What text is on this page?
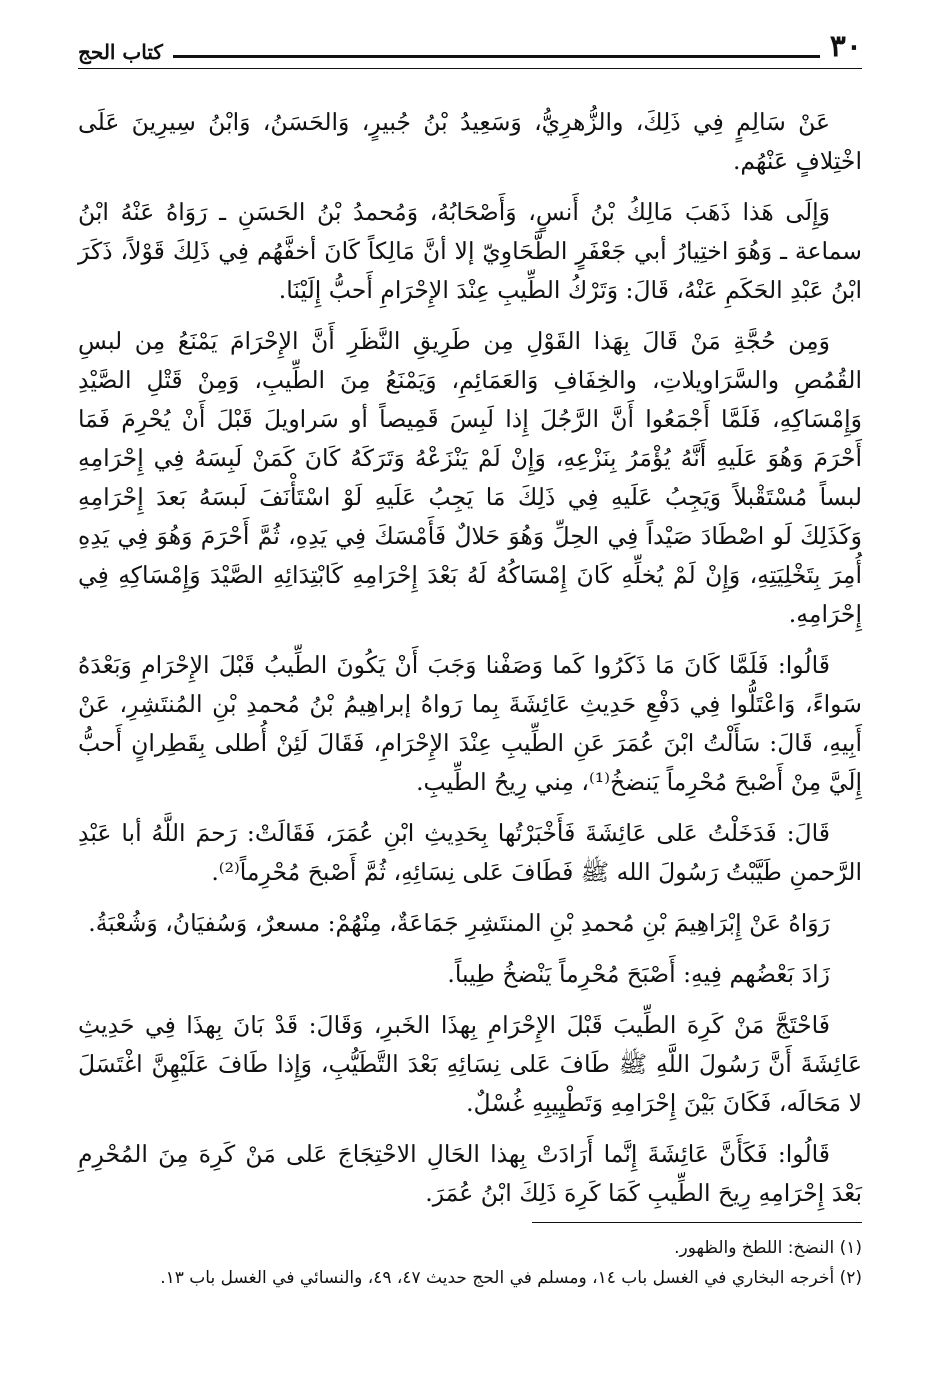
٣٠
كتاب الحج

عَنْ سَالِمٍ فِي ذَلِكَ، والزُّهرِيُّ، وَسَعِيدُ بْنُ جُبيرٍ، وَالحَسَنُ، وَابْنُ سِيرِينَ عَلَى اخْتِلافٍ عَنْهُم.

وَإِلَى هَذا ذَهَبَ مَالِكُ بْنُ أَنسٍ، وَأَصْحَابُهُ، وَمُحمدُ بْنُ الحَسَنِ ـ رَوَاهُ عَنْهُ ابْنُ سماعة ـ وَهُوَ اختِيارُ أبي جَعْفَرٍ الطَّحَاوِيّ إلا أنَّ مَالِكاً كَانَ أخفَّهُم فِي ذَلِكَ قَوْلاً، ذَكَرَ ابْنُ عَبْدِ الحَكَمِ عَنْهُ، قَالَ: وَتَرْكُ الطِّيبِ عِنْدَ الإِحْرَامِ أَحبُّ إِلَيْنَا.

وَمِن حُجَّةِ مَنْ قَالَ بِهَذا القَوْلِ مِن طَرِيقِ النَّظَرِ أَنَّ الإِحْرَامَ يَمْنَعُ مِن لبسِ القُمُصِ والسَّرَاويلاتِ، والخِفَافِ وَالعَمَائِمِ، وَيَمْنَعُ مِنَ الطِّيبِ، وَمِنْ قَتْلِ الصَّيْدِ وَإِمْسَاكِهِ، فَلَمَّا أَجْمَعُوا أَنَّ الرَّجُلَ إِذا لَبِسَ قَمِيصاً أو سَراويلَ قَبْلَ أَنْ يُحْرِمَ فَمَا أَحْرَمَ وَهُوَ عَلَيهِ أَنَّهُ يُؤْمَرُ بِنَزْعِهِ، وَإِنْ لَمْ يَنْزَعْهُ وَتَرَكَهُ كَانَ كَمَنْ لَبِسَهُ فِي إِحْرَامِهِ لبساً مُسْتَقْبلاً وَيَجِبُ عَلَيهِ فِي ذَلِكَ مَا يَجِبُ عَلَيهِ لَوْ اسْتَأْنَفَ لَبسَهُ بَعدَ إِحْرَامِهِ وَكَذَلِكَ لَو اصْطَادَ صَيْداً فِي الحِلِّ وَهُوَ حَلالٌ فَأَمْسَكَ فِي يَدِهِ، ثُمَّ أَحْرَمَ وَهُوَ فِي يَدِهِ أُمِرَ بِتَخْلِيَتِهِ، وَإِنْ لَمْ يُخلِّهِ كَانَ إِمْسَاكُهُ لَهُ بَعْدَ إِحْرَامِهِ كَابْتِدَائِهِ الصَّيْدَ وَإِمْسَاكِهِ فِي إِحْرَامِهِ.

قَالُوا: فَلَمَّا كَانَ مَا ذَكَرُوا كَما وَصَفْنا وَجَبَ أَنْ يَكُونَ الطِّيبُ قَبْلَ الإِحْرَامِ وَبَعْدَهُ سَواءً، وَاعْتَلُّوا فِي دَفْعِ حَدِيثِ عَائِشَةَ بِما رَواهُ إبراهِيمُ بْنُ مُحمدِ بْنِ المُنتَشِرِ، عَنْ أَبِيهِ، قَالَ: سَأَلْتُ ابْنَ عُمَرَ عَنِ الطِّيبِ عِنْدَ الإِحْرَامِ، فَقَالَ لَئِنْ أُطلى بِقَطِرانٍ أَحبُّ إِلَيَّ مِنْ أَصْبحَ مُحْرِماً يَنضخُ⁽¹⁾، مِني رِيحُ الطِّيبِ.

قَالَ: فَدَخَلْتُ عَلى عَائِشَةَ فَأَخْبَرْتُها بِحَدِيثِ ابْنِ عُمَرَ، فَقَالَتْ: رَحمَ اللَّهُ أبا عَبْدِ الرَّحمنِ طَيَّبْتُ رَسُولَ الله ﷺ فَطَافَ عَلى نِسَائِهِ، ثُمَّ أَصْبحَ مُحْرِماً⁽²⁾.

رَوَاهُ عَنْ إِبْرَاهِيمَ بْنِ مُحمدِ بْنِ المنتَشِرِ جَمَاعَةٌ، مِنْهُمْ: مسعرٌ، وَسُفيَانُ، وَشُعْبَةُ.

زَادَ بَعْضُهم فِيهِ: أَصْبَحَ مُحْرِماً يَنْضخُ طِيباً.

فَاحْتَجَّ مَنْ كَرِهَ الطِّيبَ قَبْلَ الإِحْرَامِ بِهذَا الخَبرِ، وَقَالَ: قَدْ بَانَ بِهذَا فِي حَدِيثِ عَائِشَةَ أَنَّ رَسُولَ اللَّهِ ﷺ طَافَ عَلى نِسَائِهِ بَعْدَ التَّطَيُّبِ، وَإِذا طَافَ عَلَيْهِنَّ اغْتَسَلَ لا مَحَالَه، فَكَانَ بَيْنَ إِحْرَامِهِ وَتَطْيِيبِهِ غُسْلٌ.

قَالُوا: فَكَأَنَّ عَائِشَةَ إِنَّما أَرَادَتْ بِهذا الحَالِ الاحْتِجَاجَ عَلى مَنْ كَرِهَ مِنَ المُحْرِمِ بَعْدَ إِحْرَامِهِ رِيحَ الطِّيبِ كَمَا كَرِهَ ذَلِكَ ابْنُ عُمَرَ.

(١) النضخ: اللطخ والظهور.

(٢) أخرجه البخاري في الغسل باب ١٤، ومسلم في الحج حديث ٤٧، ٤٩، والنسائي في الغسل باب ١٣.
